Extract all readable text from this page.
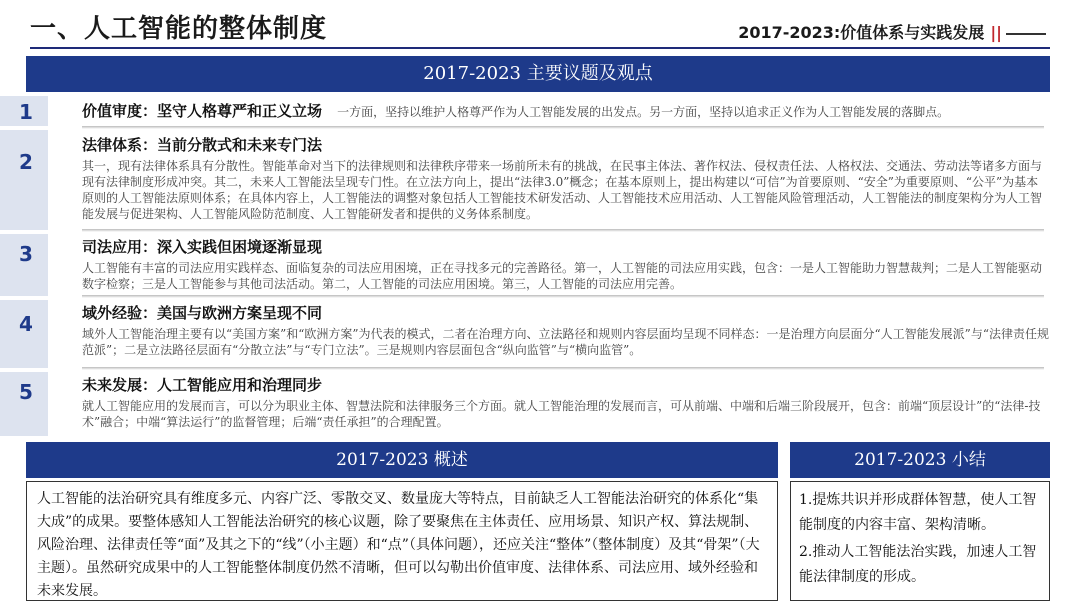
一、人工智能的整体制度	2017-2023:价值体系与实践发展 ||
2017-2023 主要议题及观点
1
2
3
4
5
价值审度：坚守人格尊严和正义立场 一方面，坚持以维护人格尊严作为人工智能发展的出发点。另一方面，坚持以追求正义作为人工智能发展的落脚点。
法律体系：当前分散式和未来专门法
其一，现有法律体系具有分散性。智能革命对当下的法律规则和法律秩序带来一场前所未有的挑战，在民事主体法、著作权法、侵权责任法、人格权法、交通法、劳动法等诸多方面与现有法律制度形成冲突。其二，未来人工智能法呈现专门性。在立法方向上，提出“法律3.0”概念；在基本原则上，提出构建以“可信”为首要原则、“安全”为重要原则、“公平”为基本原则的人工智能法原则体系；在具体内容上，人工智能法的调整对象包括人工智能技术研发活动、人工智能技术应用活动、人工智能风险管理活动，人工智能法的制度架构分为人工智能发展与促进架构、人工智能风险防范制度、人工智能研发者和提供的义务体系制度。
司法应用：深入实践但困境逐渐显现
人工智能有丰富的司法应用实践样态、面临复杂的司法应用困境，正在寻找多元的完善路径。第一，人工智能的司法应用实践，包含：一是人工智能助力智慧裁判；二是人工智能驱动数字检察；三是人工智能参与其他司法活动。第二，人工智能的司法应用困境。第三，人工智能的司法应用完善。
域外经验：美国与欧洲方案呈现不同
域外人工智能治理主要有以“美国方案”和“欧洲方案”为代表的模式，二者在治理方向、立法路径和规则内容层面均呈现不同样态：一是治理方向层面分“人工智能发展派”与“法律责任规范派”；二是立法路径层面有“分散立法”与“专门立法”。三是规则内容层面包含“纵向监管”与“横向监管”。
未来发展：人工智能应用和治理同步
就人工智能应用的发展而言，可以分为职业主体、智慧法院和法律服务三个方面。就人工智能治理的发展而言，可从前端、中端和后端三阶段展开，包含：前端“顶层设计”的“法律-技术”融合；中端“算法运行”的监督管理；后端“责任承担”的合理配置。
2017-2023 概述	2017-2023 小结
人工智能的法治研究具有维度多元、内容广泛、零散交叉、数量庞大等特点，目前缺乏人工智能法治研究的体系化“集大成”的成果。要整体感知人工智能法治研究的核心议题，除了要聚焦在主体责任、应用场景、知识产权、算法规制、风险治理、法律责任等“面”及其之下的“线”（小主题）和“点”（具体问题），还应关注“整体”（整体制度）及其“骨架”（大主题）。虽然研究成果中的人工智能整体制度仍然不清晰，但可以勾勒出价值审度、法律体系、司法应用、域外经验和未来发展。
1.提炼共识并形成群体智慧，使人工智能制度的内容丰富、架构清晰。
2.推动人工智能法治实践，加速人工智能法律制度的形成。
